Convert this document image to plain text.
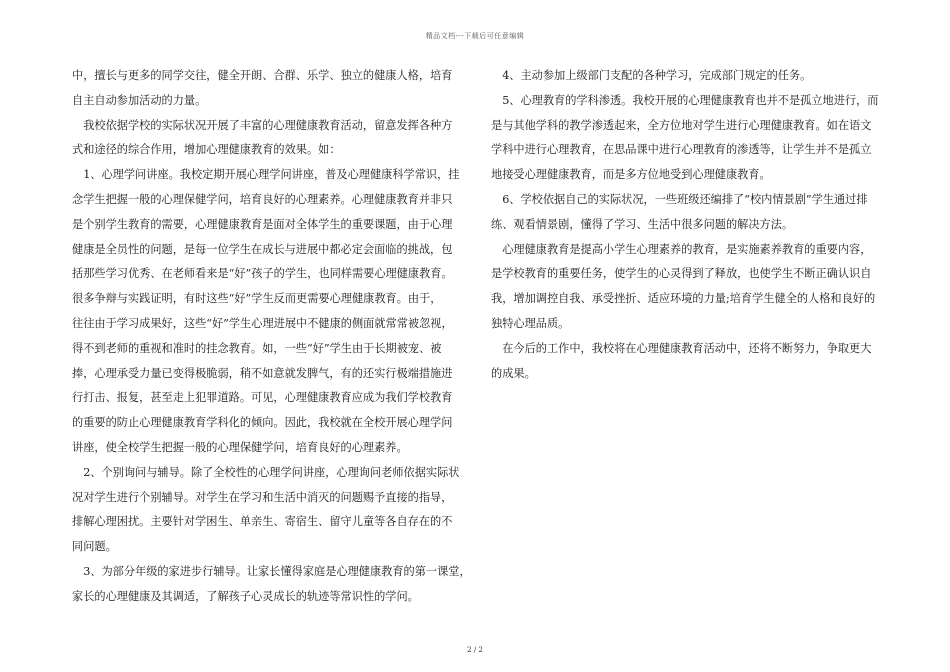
精品文档---下载后可任意编辑
中，擅长与更多的同学交往，健全开朗、合群、乐学、独立的健康人格，培育
自主自动参加活动的力量。
　我校依据学校的实际状况开展了丰富的心理健康教育活动，留意发挥各种方
式和途径的综合作用，增加心理健康教育的效果。如：
　1、心理学问讲座。我校定期开展心理学问讲座，普及心理健康科学常识，挂
念学生把握一般的心理保健学问，培育良好的心理素养。心理健康教育并非只
是个别学生教育的需要，心理健康教育是面对全体学生的重要课题，由于心理
健康是全员性的问题，是每一位学生在成长与进展中都必定会面临的挑战，包
括那些学习优秀、在老师看来是“好”孩子的学生，也同样需要心理健康教育。
很多争辩与实践证明，有时这些“好”学生反而更需要心理健康教育。由于，
往往由于学习成果好，这些“好”学生心理进展中不健康的侧面就常常被忽视，
得不到老师的重视和准时的挂念教育。如，一些“好”学生由于长期被宠、被
捧，心理承受力量已变得极脆弱，稍不如意就发脾气，有的还实行极端措施进
行打击、报复，甚至走上犯罪道路。可见，心理健康教育应成为我们学校教育
的重要的防止心理健康教育学科化的倾向。因此，我校就在全校开展心理学问
讲座，使全校学生把握一般的心理保健学问，培育良好的心理素养。
　2、个别询问与辅导。除了全校性的心理学问讲座，心理询问老师依据实际状
况对学生进行个别辅导。对学生在学习和生活中消灭的问题赐予直接的指导，
排解心理困扰。主要针对学困生、单亲生、寄宿生、留守儿童等各自存在的不
同问题。
　3、为部分年级的家进步行辅导。让家长懂得家庭是心理健康教育的第一课堂，
家长的心理健康及其调适，了解孩子心灵成长的轨迹等常识性的学问。
　4、主动参加上级部门支配的各种学习，完成部门规定的任务。
　5、心理教育的学科渗透。我校开展的心理健康教育也并不是孤立地进行，而
是与其他学科的教学渗透起来，全方位地对学生进行心理健康教育。如在语文
学科中进行心理教育，在思品课中进行心理教育的渗透等，让学生并不是孤立
地接受心理健康教育，而是多方位地受到心理健康教育。
　6、学校依据自己的实际状况，一些班级还编排了“校内情景剧”学生通过排
练、观看情景剧，懂得了学习、生活中很多问题的解决方法。
　心理健康教育是提高小学生心理素养的教育，是实施素养教育的重要内容，
是学校教育的重要任务，使学生的心灵得到了释放，也使学生不断正确认识自
我，增加调控自我、承受挫折、适应环境的力量;培育学生健全的人格和良好的
独特心理品质。
　在今后的工作中，我校将在心理健康教育活动中，还将不断努力，争取更大
的成果。
2 / 2
